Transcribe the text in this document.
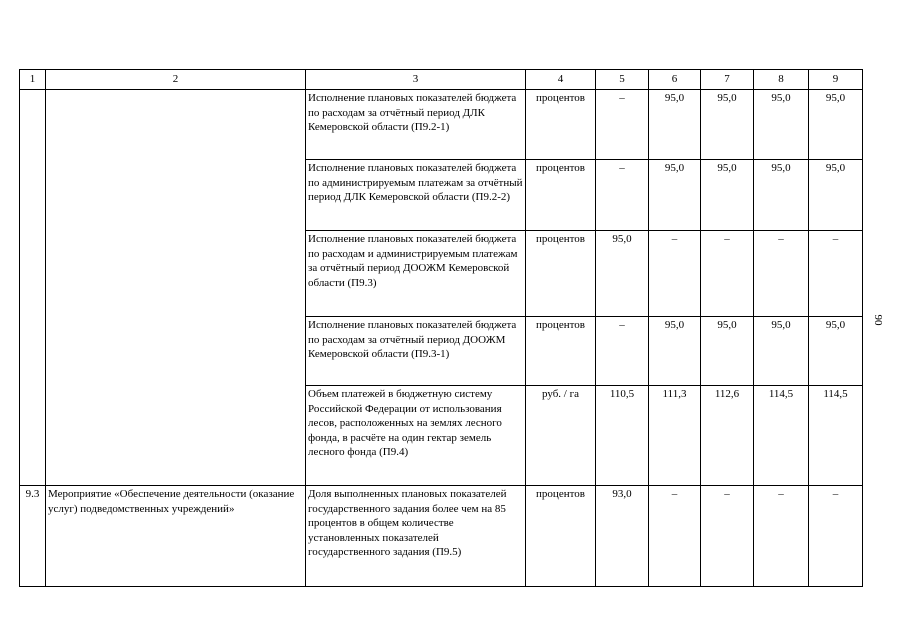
90
1	2	3	4	5	6	7	8	9
		Исполнение плановых показателей бюджета по расходам за отчётный период ДЛК Кемеровской области (П9.2-1)	процентов	–	95,0	95,0	95,0	95,0
		Исполнение плановых показателей бюджета по администрируемым платежам за отчётный период ДЛК Кемеровской области (П9.2-2)	процентов	–	95,0	95,0	95,0	95,0
		Исполнение плановых показателей бюджета по расходам и администрируемым платежам за отчётный период ДООЖМ Кемеровской области (П9.3)	процентов	95,0	–	–	–	–
		Исполнение плановых показателей бюджета по расходам за отчётный период ДООЖМ Кемеровской области (П9.3-1)	процентов	–	95,0	95,0	95,0	95,0
		Объем платежей в бюджетную систему Российской Федерации от использования лесов, расположенных на землях лесного фонда, в расчёте на один гектар земель лесного фонда (П9.4)	руб. / га	110,5	111,3	112,6	114,5	114,5
9.3	Мероприятие «Обеспечение деятельности (оказание услуг) подведомственных учреждений»	Доля выполненных плановых показателей государственного задания более чем на 85 процентов в общем количестве установленных показателей государственного задания (П9.5)	процентов	93,0	–	–	–	–
